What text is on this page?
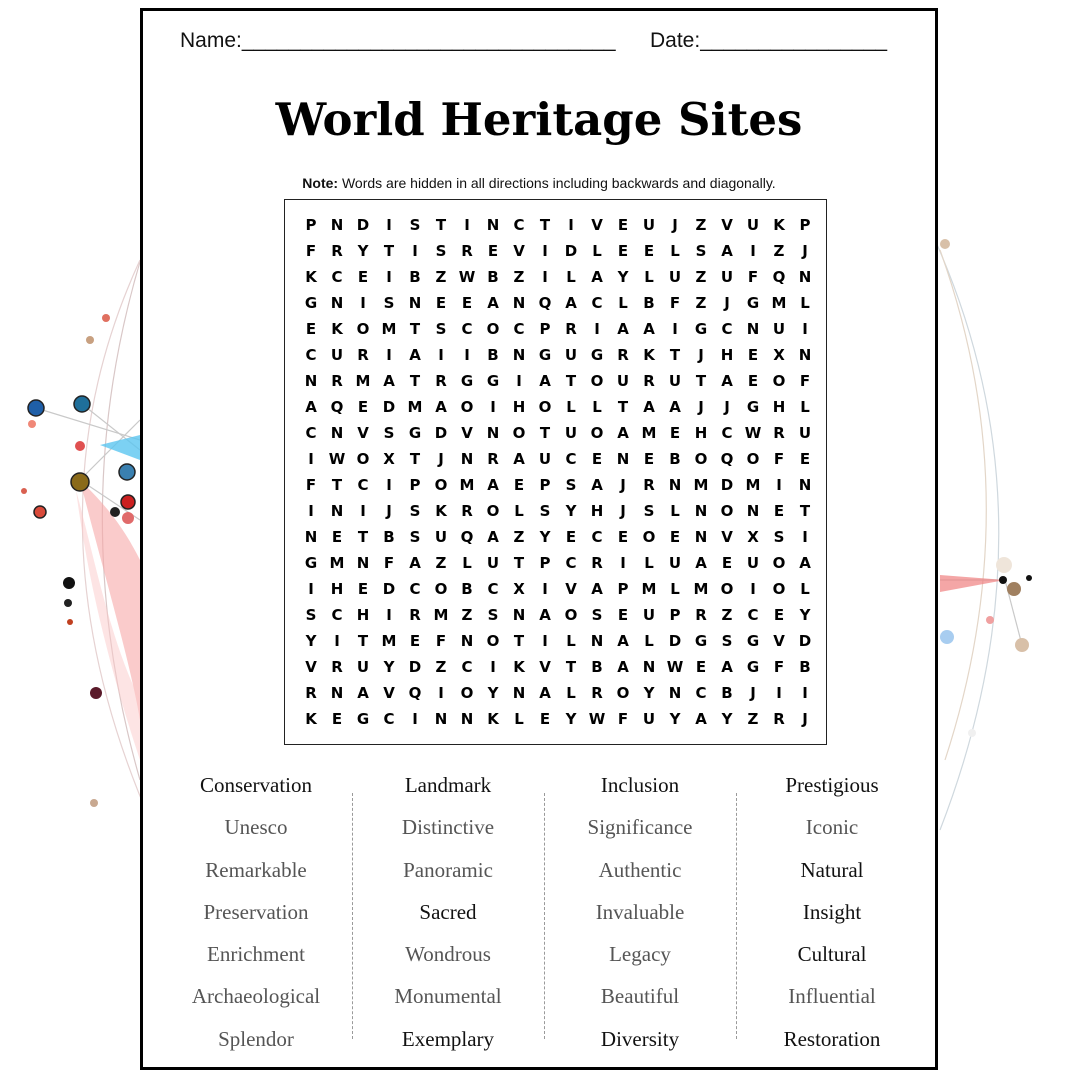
Name:________________________________ Date:________________
World Heritage Sites
Note: Words are hidden in all directions including backwards and diagonally.
P N D	I	S	T	I	N C	T	I	V	E U	J	Z V U K P
F	R Y	T	I	S R	E	V	I	D	L	E	E	L	S A	I	Z	J
K C	E	I	B Z W B Z	I	L	A Y	L	U Z U F Q N
G N	I	S N E	E	A N Q A C	L	B	F	Z	J	G M L
E	K O M T	S	C O C	P R	I	A A	I	G C N U	I
C U R	I	A	I	I	B N G U G R K	T	J	H E	X N
N R M A	T	R G G	I	A	T O U R U T	A	E O F
A Q E D M A O	I	H O L	L	T	A A	J	J	G H L
C N V S G D V N O T U O A M E H C W R U
I W O X	T	J	N R A U C	E N E	B O Q O F	E
F	T	C	I	P O M A	E	P	S A	J	R N M D M	I	N
I	N	I	J	S K R O L	S	Y H	J	S	L N O N E	T
N E	T	B S U Q A Z	Y	E	C	E O E N V X S	I
G M N F	A Z	L	U T	P C R	I	L	U A	E U O A
I	H E D C O B C X	I	V A P M L M O	I	O L
S	C H	I	R M Z	S N A O S	E U P R Z	C	E	Y
Y	I	T M E	F N O T	I	L N A	L D G S G V D
V R U Y D Z	C	I	K V	T	B A N W E	A G F	B
R N A V Q	I	O Y N A	L	R O Y N C B	J	I	I
K	E G C	I	N N K	L	E	Y W F U Y A Y	Z R	J
Conservation
Unesco
Remarkable
Preservation
Enrichment
Archaeological
Splendor
Landmark
Distinctive
Panoramic
Sacred
Wondrous
Monumental
Exemplary
Inclusion
Significance
Authentic
Invaluable
Legacy
Beautiful
Diversity
Prestigious
Iconic
Natural
Insight
Cultural
Influential
Restoration
